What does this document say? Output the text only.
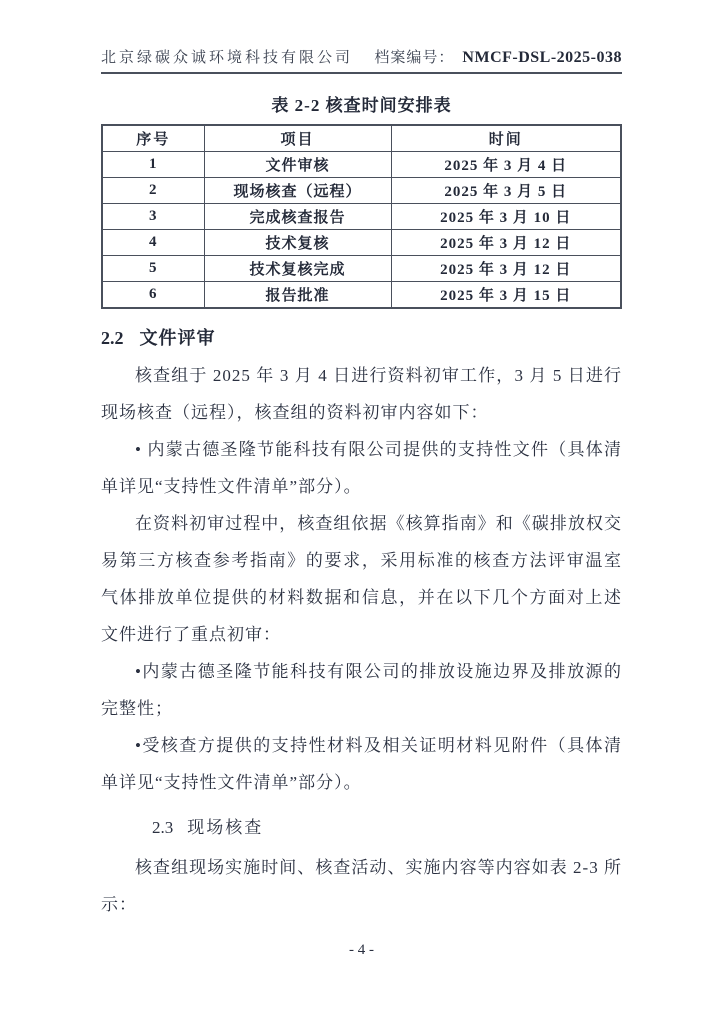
北京绿碳众诚环境科技有限公司 档案编号： NMCF-DSL-2025-038
表 2-2 核查时间安排表
序号	项目	时间
1	文件审核	2025 年 3 月 4 日
2	现场核查（远程）	2025 年 3 月 5 日
3	完成核查报告	2025 年 3 月 10 日
4	技术复核	2025 年 3 月 12 日
5	技术复核完成	2025 年 3 月 12 日
6	报告批准	2025 年 3 月 15 日
2.2 文件评审

核查组于 2025 年 3 月 4 日进行资料初审工作，3 月 5 日进行现场核查（远程），核查组的资料初审内容如下：

• 内蒙古德圣隆节能科技有限公司提供的支持性文件（具体清单详见“支持性文件清单”部分）。

在资料初审过程中，核查组依据《核算指南》和《碳排放权交易第三方核查参考指南》的要求，采用标准的核查方法评审温室气体排放单位提供的材料数据和信息，并在以下几个方面对上述文件进行了重点初审：

•内蒙古德圣隆节能科技有限公司的排放设施边界及排放源的完整性；

•受核查方提供的支持性材料及相关证明材料见附件（具体清单详见“支持性文件清单”部分）。

2.3 现场核查

核查组现场实施时间、核查活动、实施内容等内容如表 2-3 所示：

- 4 -
